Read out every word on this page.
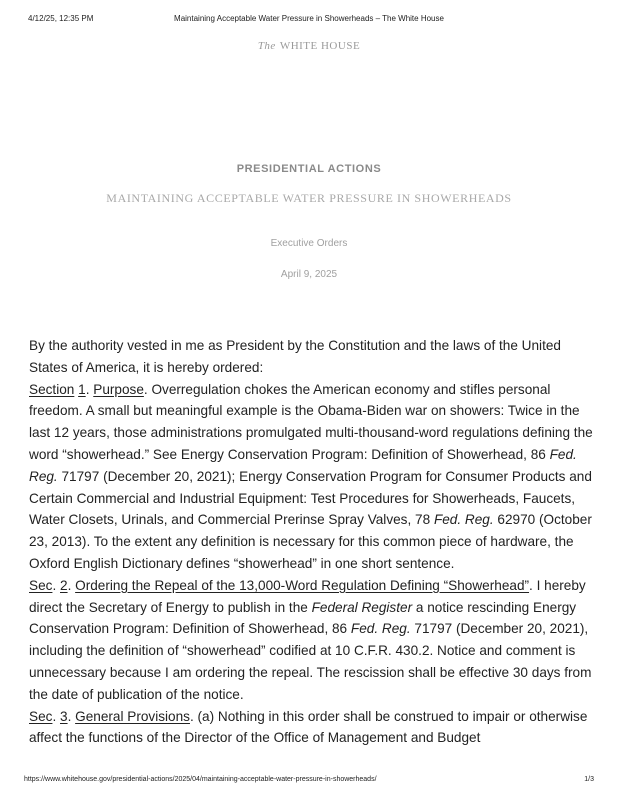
4/12/25, 12:35 PM	Maintaining Acceptable Water Pressure in Showerheads – The White House
The WHITE HOUSE
PRESIDENTIAL ACTIONS
MAINTAINING ACCEPTABLE WATER PRESSURE IN SHOWERHEADS
Executive Orders
April 9, 2025

By the authority vested in me as President by the Constitution and the laws of the United States of America, it is hereby ordered:

Section 1. Purpose. Overregulation chokes the American economy and stifles personal freedom. A small but meaningful example is the Obama-Biden war on showers: Twice in the last 12 years, those administrations promulgated multi-thousand-word regulations defining the word “showerhead.” See Energy Conservation Program: Definition of Showerhead, 86 Fed. Reg. 71797 (December 20, 2021); Energy Conservation Program for Consumer Products and Certain Commercial and Industrial Equipment: Test Procedures for Showerheads, Faucets, Water Closets, Urinals, and Commercial Prerinse Spray Valves, 78 Fed. Reg. 62970 (October 23, 2013). To the extent any definition is necessary for this common piece of hardware, the Oxford English Dictionary defines “showerhead” in one short sentence.

Sec. 2. Ordering the Repeal of the 13,000-Word Regulation Defining “Showerhead”. I hereby direct the Secretary of Energy to publish in the Federal Register a notice rescinding Energy Conservation Program: Definition of Showerhead, 86 Fed. Reg. 71797 (December 20, 2021), including the definition of “showerhead” codified at 10 C.F.R. 430.2. Notice and comment is unnecessary because I am ordering the repeal. The rescission shall be effective 30 days from the date of publication of the notice.

Sec. 3. General Provisions. (a) Nothing in this order shall be construed to impair or otherwise affect the functions of the Director of the Office of Management and Budget

https://www.whitehouse.gov/presidential-actions/2025/04/maintaining-acceptable-water-pressure-in-showerheads/	1/3
